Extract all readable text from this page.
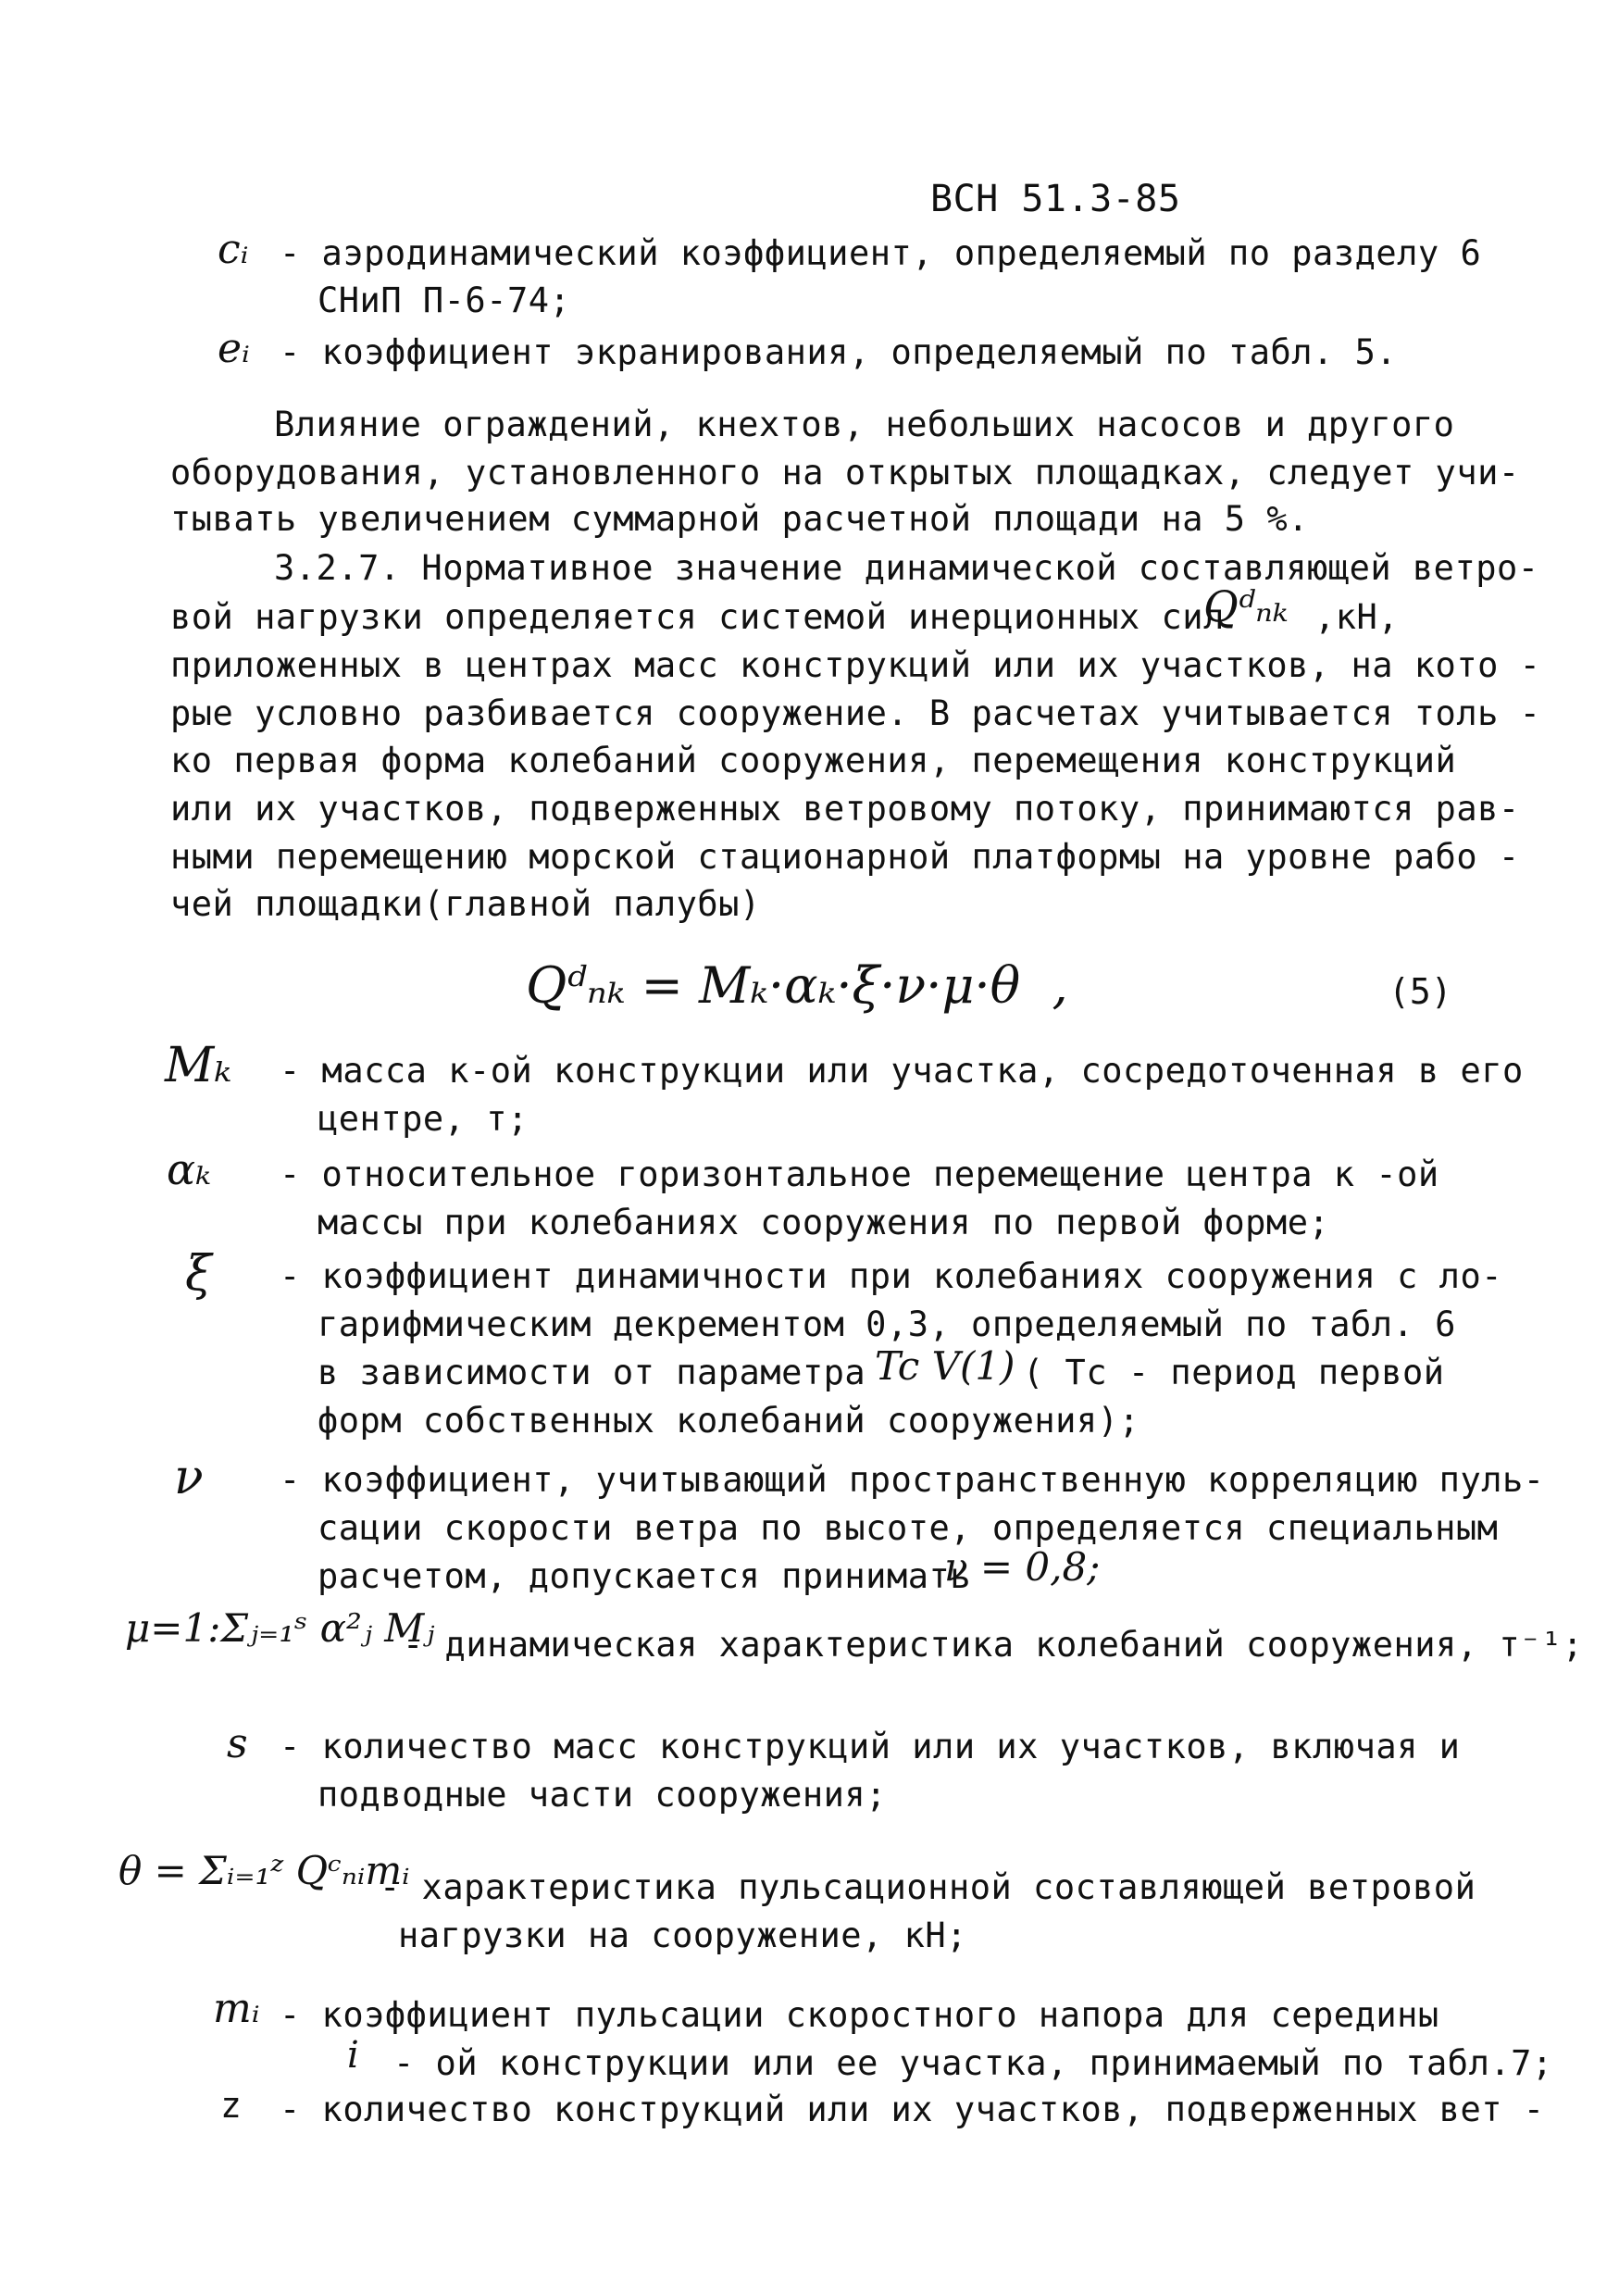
ВСН 51.3-85
cᵢ - аэродинамический коэффициент, определяемый по разделу 6
СНиП П-6-74;
eᵢ - коэффициент экранирования, определяемый по табл. 5.
Влияние ограждений, кнехтов, небольших насосов и другого
оборудования, установленного на открытых площадках, следует учи-
тывать увеличением суммарной расчетной площади на 5 %.
3.2.7. Нормативное значение динамической составляющей ветро-
вой нагрузки определяется системой инерционных сил
Qᵈₙₖ ,кН,
приложенных в центрах масс конструкций или их участков, на кото -
рые условно разбивается сооружение. В расчетах учитывается толь -
ко первая форма колебаний сооружения, перемещения конструкций
или их участков, подверженных ветровому потоку, принимаются рав-
ными перемещению морской стационарной платформы на уровне рабо -
чей площадки(главной палубы)
Qᵈₙₖ = Mₖ·αₖ·ξ·ν·μ·θ  ,	(5)
Mₖ - масса к-ой конструкции или участка, сосредоточенная в его
центре, т;
αₖ - относительное горизонтальное перемещение центра к -ой
массы при колебаниях сооружения по первой форме;
ξ - коэффициент динамичности при колебаниях сооружения с ло-
гарифмическим декрементом 0,3, определяемый по табл. 6
в зависимости от параметра Tc V(1) ( Tc - период первой
форм собственных колебаний сооружения);
ν - коэффициент, учитывающий пространственную корреляцию пуль-
сации скорости ветра по высоте, определяется специальным
расчетом, допускается принимать
ν = 0,8;
μ=1:Σⱼ₌₁ˢ α²ⱼ Mⱼ
- динамическая характеристика колебаний сооружения, т⁻¹;
s - количество масс конструкций или их участков, включая и
подводные части сооружения;
θ = Σᵢ₌₁ᶻ Qᶜₙᵢmᵢ
- характеристика пульсационной составляющей ветровой
нагрузки на сооружение, кН;
mᵢ - коэффициент пульсации скоростного напора для середины
i - ой конструкции или ее участка, принимаемый по табл.7;
z - количество конструкций или их участков, подверженных вет -
